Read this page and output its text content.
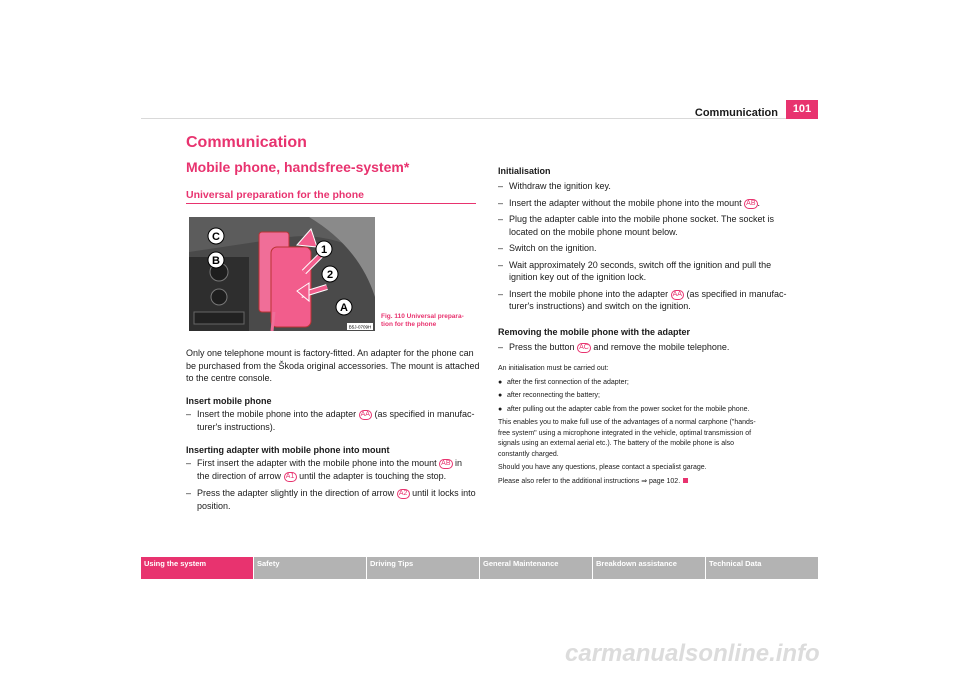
Communication	101
Communication
Mobile phone, handsfree-system*
Universal preparation for the phone
C
B
1
2
A
B5J-0709H
Fig. 110 Universal prepara-
tion for the phone
Only one telephone mount is factory-fitted. An adapter for the phone can
be purchased from the Škoda original accessories. The mount is attached
to the centre console.
Insert mobile phone
– Insert the mobile phone into the adapter AA (as specified in manufac-
turer's instructions).
Inserting adapter with mobile phone into mount
– First insert the adapter with the mobile phone into the mount AB in
the direction of arrow A1 until the adapter is touching the stop.
– Press the adapter slightly in the direction of arrow A2 until it locks into
position.
Initialisation
– Withdraw the ignition key.
– Insert the adapter without the mobile phone into the mount AB .
– Plug the adapter cable into the mobile phone socket. The socket is
located on the mobile phone mount below.
– Switch on the ignition.
– Wait approximately 20 seconds, switch off the ignition and pull the
ignition key out of the ignition lock.
– Insert the mobile phone into the adapter AA (as specified in manufac-
turer's instructions) and switch on the ignition.
Removing the mobile phone with the adapter
– Press the button AC and remove the mobile telephone.
An initialisation must be carried out:
● after the first connection of the adapter;
● after reconnecting the battery;
● after pulling out the adapter cable from the power socket for the mobile phone.
This enables you to make full use of the advantages of a normal carphone ("hands-
free system" using a microphone integrated in the vehicle, optimal transmission of
signals using an external aerial etc.). The battery of the mobile phone is also
constantly charged.
Should you have any questions, please contact a specialist garage.
Please also refer to the additional instructions ⇒ page 102.
Using the system	Safety	Driving Tips	General Maintenance	Breakdown assistance	Technical Data
carmanualsonline.info
